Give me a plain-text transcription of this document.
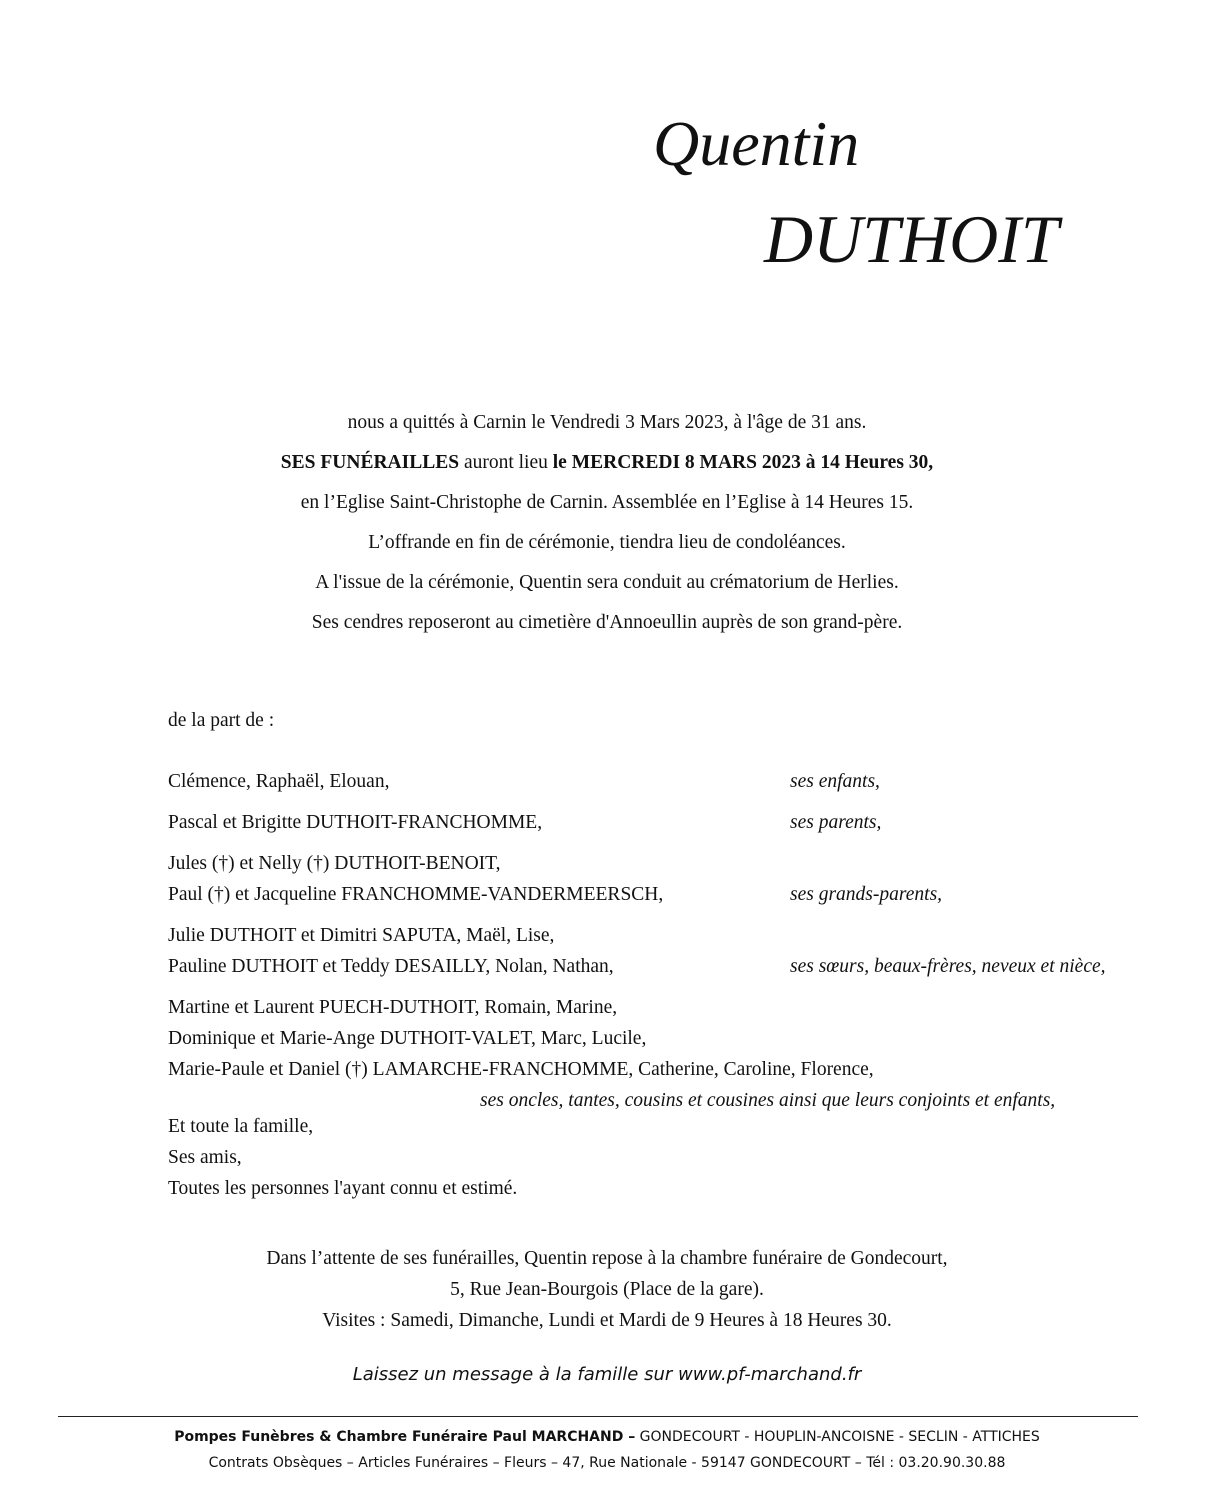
Quentin
DUTHOIT
nous a quittés à Carnin le Vendredi 3 Mars 2023, à l'âge de 31 ans.
SES FUNÉRAILLES auront lieu le MERCREDI 8 MARS 2023 à 14 Heures 30,
en l’Eglise Saint-Christophe de Carnin. Assemblée en l’Eglise à 14 Heures 15.
L’offrande en fin de cérémonie, tiendra lieu de condoléances.
A l'issue de la cérémonie, Quentin sera conduit au crématorium de Herlies.
Ses cendres reposeront au cimetière d'Annoeullin auprès de son grand-père.
de la part de :
Clémence, Raphaël, Elouan,	ses enfants,
Pascal et Brigitte DUTHOIT-FRANCHOMME,	ses parents,
Jules (†) et Nelly (†) DUTHOIT-BENOIT,
Paul (†) et Jacqueline FRANCHOMME-VANDERMEERSCH,	ses grands-parents,
Julie DUTHOIT et Dimitri SAPUTA, Maël, Lise,
Pauline DUTHOIT et Teddy DESAILLY, Nolan, Nathan,	ses sœurs, beaux-frères, neveux et nièce,
Martine et Laurent PUECH-DUTHOIT, Romain, Marine,
Dominique et Marie-Ange DUTHOIT-VALET, Marc, Lucile,
Marie-Paule et Daniel (†) LAMARCHE-FRANCHOMME, Catherine, Caroline, Florence,
ses oncles, tantes, cousins et cousines ainsi que leurs conjoints et enfants,
Et toute la famille,
Ses amis,
Toutes les personnes l'ayant connu et estimé.
Dans l’attente de ses funérailles, Quentin repose à la chambre funéraire de Gondecourt,
5, Rue Jean-Bourgois (Place de la gare).
Visites : Samedi, Dimanche, Lundi et Mardi de 9 Heures à 18 Heures 30.
Laissez un message à la famille sur www.pf-marchand.fr
Pompes Funèbres & Chambre Funéraire Paul MARCHAND – GONDECOURT - HOUPLIN-ANCOISNE - SECLIN - ATTICHES
Contrats Obsèques – Articles Funéraires – Fleurs – 47, Rue Nationale - 59147 GONDECOURT – Tél : 03.20.90.30.88
